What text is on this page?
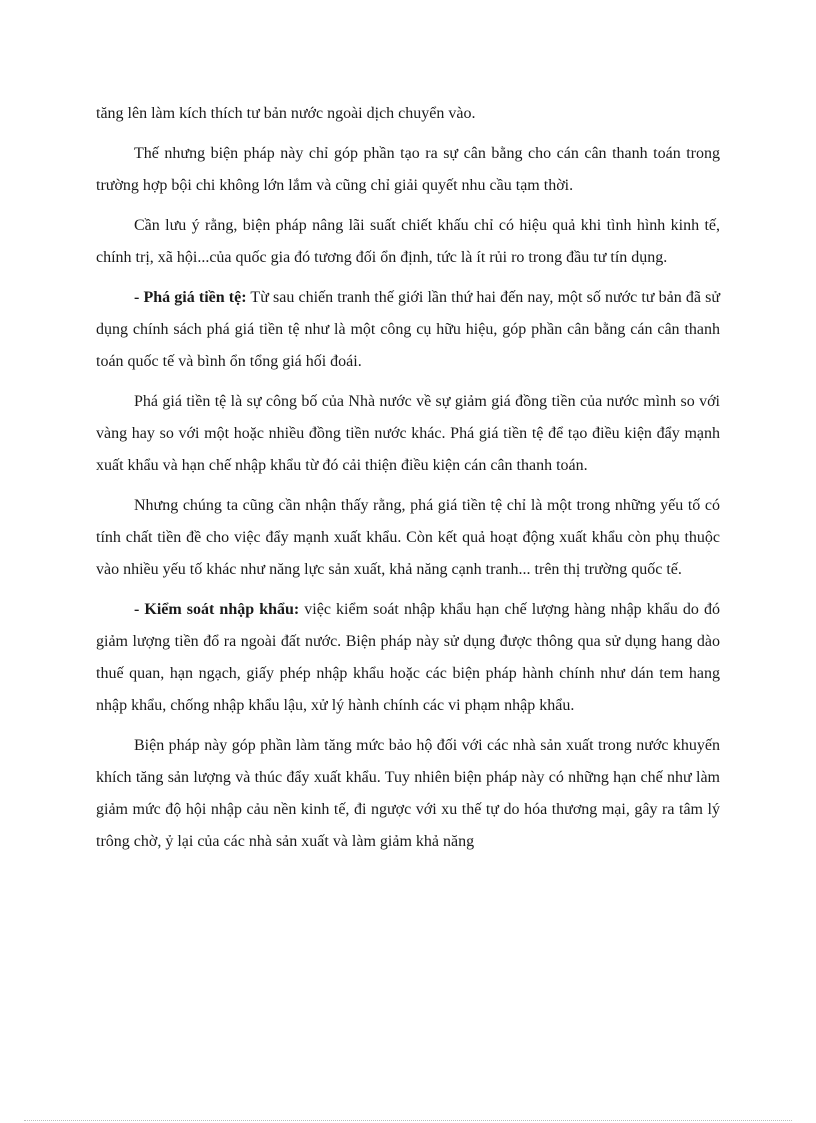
tăng lên làm kích thích tư bản nước ngoài dịch chuyển vào.

Thế nhưng biện pháp này chỉ góp phần tạo ra sự cân bằng cho cán cân thanh toán trong trường hợp bội chi không lớn lắm và cũng chỉ giải quyết nhu cầu tạm thời.

Cần lưu ý rằng, biện pháp nâng lãi suất chiết khấu chỉ có hiệu quả khi tình hình kinh tế, chính trị, xã hội...của quốc gia đó tương đối ổn định, tức là ít rủi ro trong đầu tư tín dụng.

- Phá giá tiền tệ: Từ sau chiến tranh thế giới lần thứ hai đến nay, một số nước tư bản đã sử dụng chính sách phá giá tiền tệ như là một công cụ hữu hiệu, góp phần cân bằng cán cân thanh toán quốc tế và bình ổn tổng giá hối đoái.

Phá giá tiền tệ là sự công bố của Nhà nước về sự giảm giá đồng tiền của nước mình so với vàng hay so với một hoặc nhiều đồng tiền nước khác. Phá giá tiền tệ để tạo điều kiện đẩy mạnh xuất khẩu và hạn chế nhập khẩu từ đó cải thiện điều kiện cán cân thanh toán.

Nhưng chúng ta cũng cần nhận thấy rằng, phá giá tiền tệ chỉ là một trong những yếu tố có tính chất tiền đề cho việc đẩy mạnh xuất khẩu. Còn kết quả hoạt động xuất khẩu còn phụ thuộc vào nhiều yếu tố khác như năng lực sản xuất, khả năng cạnh tranh... trên thị trường quốc tế.

- Kiểm soát nhập khẩu: việc kiểm soát nhập khẩu hạn chế lượng hàng nhập khẩu do đó giảm lượng tiền đổ ra ngoài đất nước. Biện pháp này sử dụng được thông qua sử dụng hang dào thuế quan, hạn ngạch, giấy phép nhập khẩu hoặc các biện pháp hành chính như dán tem hang nhập khẩu, chống nhập khẩu lậu, xử lý hành chính các vi phạm nhập khẩu.

Biện pháp này góp phần làm tăng mức bảo hộ đối với các nhà sản xuất trong nước khuyến khích tăng sản lượng và thúc đẩy xuất khẩu. Tuy nhiên biện pháp này có những hạn chế như làm giảm mức độ hội nhập cảu nền kinh tế, đi ngược với xu thế tự do hóa thương mại, gây ra tâm lý trông chờ, ỷ lại của các nhà sản xuất và làm giảm khả năng
